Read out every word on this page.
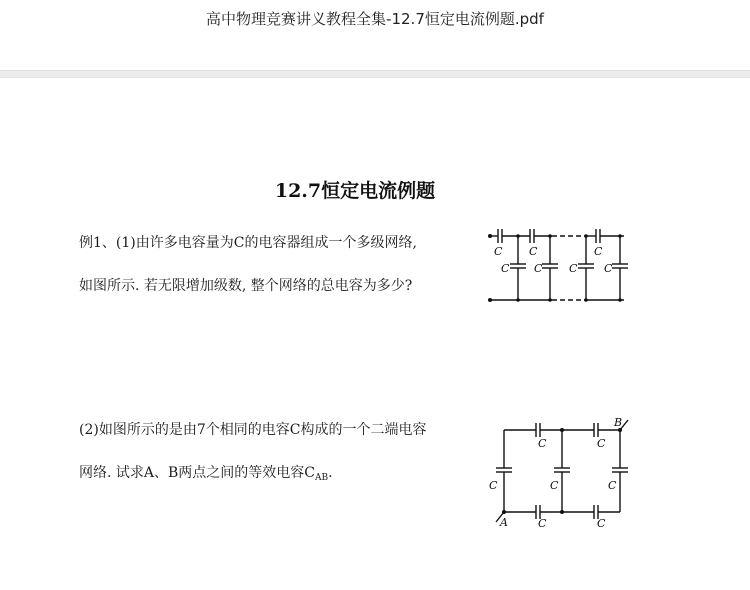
高中物理竞赛讲义教程全集-12.7恒定电流例题.pdf
12.7恒定电流例题
例1、(1)由许多电容量为C的电容器组成一个多级网络,
如图所示. 若无限增加级数, 整个网络的总电容为多少?
C C	C
C C C C
(2)如图所示的是由7个相同的电容C构成的一个二端电容
网络. 试求A、B两点之间的等效电容$C_{AB}$.
C	C
C	C	C
C	C
A
B
